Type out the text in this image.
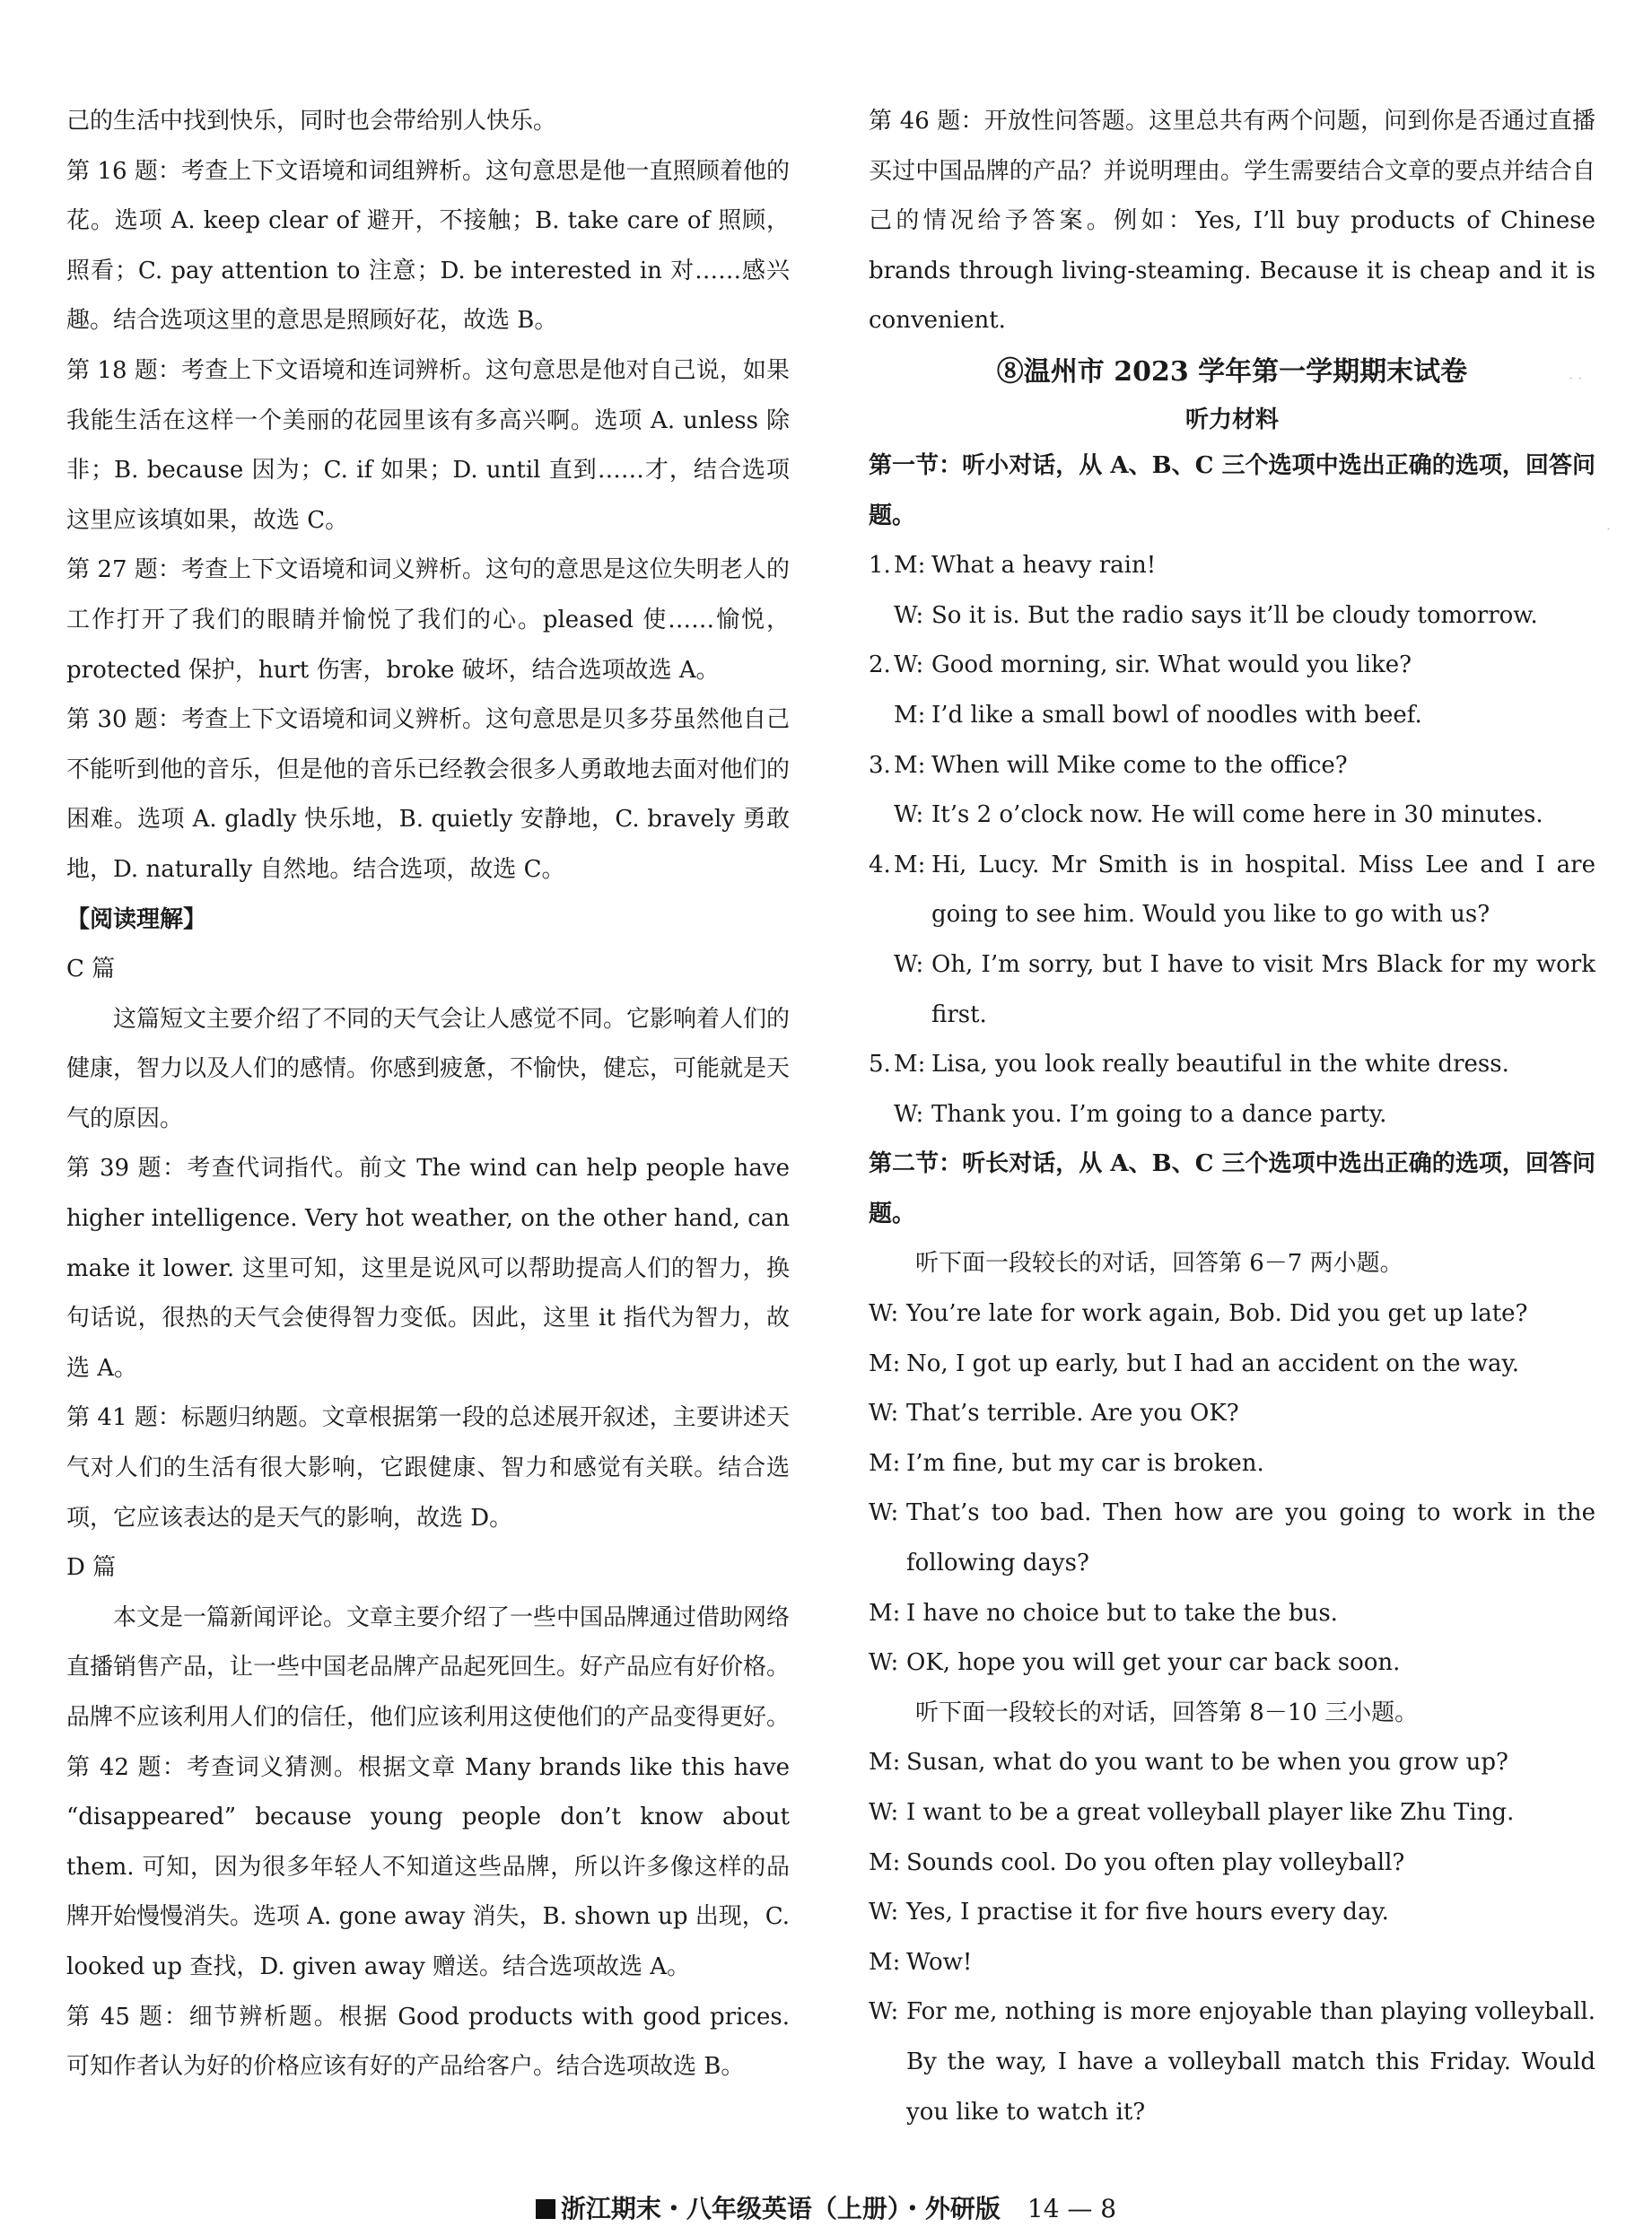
己的生活中找到快乐，同时也会带给别人快乐。

第 16 题：考查上下文语境和词组辨析。这句意思是他一直照顾着他的花。选项 A. keep clear of 避开，不接触；B. take care of 照顾，照看；C. pay attention to 注意；D. be interested in 对……感兴趣。结合选项这里的意思是照顾好花，故选 B。

第 18 题：考查上下文语境和连词辨析。这句意思是他对自己说，如果我能生活在这样一个美丽的花园里该有多高兴啊。选项 A. unless 除非；B. because 因为；C. if 如果；D. until 直到……才，结合选项这里应该填如果，故选 C。

第 27 题：考查上下文语境和词义辨析。这句的意思是这位失明老人的工作打开了我们的眼睛并愉悦了我们的心。pleased 使……愉悦，protected 保护，hurt 伤害，broke 破坏，结合选项故选 A。

第 30 题：考查上下文语境和词义辨析。这句意思是贝多芬虽然他自己不能听到他的音乐，但是他的音乐已经教会很多人勇敢地去面对他们的困难。选项 A. gladly 快乐地，B. quietly 安静地，C. bravely 勇敢地，D. naturally 自然地。结合选项，故选 C。

【阅读理解】

C 篇

这篇短文主要介绍了不同的天气会让人感觉不同。它影响着人们的健康，智力以及人们的感情。你感到疲惫，不愉快，健忘，可能就是天气的原因。

第 39 题：考查代词指代。前文 The wind can help people have higher intelligence. Very hot weather, on the other hand, can make it lower. 这里可知，这里是说风可以帮助提高人们的智力，换句话说，很热的天气会使得智力变低。因此，这里 it 指代为智力，故选 A。

第 41 题：标题归纳题。文章根据第一段的总述展开叙述，主要讲述天气对人们的生活有很大影响，它跟健康、智力和感觉有关联。结合选项，它应该表达的是天气的影响，故选 D。

D 篇

本文是一篇新闻评论。文章主要介绍了一些中国品牌通过借助网络直播销售产品，让一些中国老品牌产品起死回生。好产品应有好价格。品牌不应该利用人们的信任，他们应该利用这使他们的产品变得更好。

第 42 题：考查词义猜测。根据文章 Many brands like this have “disappeared” because young people don’t know about them. 可知，因为很多年轻人不知道这些品牌，所以许多像这样的品牌开始慢慢消失。选项 A. gone away 消失，B. shown up 出现，C. looked up 查找，D. given away 赠送。结合选项故选 A。

第 45 题：细节辨析题。根据 Good products with good prices. 可知作者认为好的价格应该有好的产品给客户。结合选项故选 B。

第 46 题：开放性问答题。这里总共有两个问题，问到你是否通过直播买过中国品牌的产品？并说明理由。学生需要结合文章的要点并结合自己的情况给予答案。例如：Yes, I’ll buy products of Chinese brands through living-steaming. Because it is cheap and it is convenient.

⑧温州市 2023 学年第一学期期末试卷

听力材料

第一节：听小对话，从 A、B、C 三个选项中选出正确的选项，回答问题。

1. M: What a heavy rain!
W: So it is. But the radio says it’ll be cloudy tomorrow.
2. W: Good morning, sir. What would you like?
M: I’d like a small bowl of noodles with beef.
3. M: When will Mike come to the office?
W: It’s 2 o’clock now. He will come here in 30 minutes.
4. M: Hi, Lucy. Mr Smith is in hospital. Miss Lee and I are going to see him. Would you like to go with us?
W: Oh, I’m sorry, but I have to visit Mrs Black for my work first.
5. M: Lisa, you look really beautiful in the white dress.
W: Thank you. I’m going to a dance party.

第二节：听长对话，从 A、B、C 三个选项中选出正确的选项，回答问题。

听下面一段较长的对话，回答第 6－7 两小题。

W: You’re late for work again, Bob. Did you get up late?
M: No, I got up early, but I had an accident on the way.
W: That’s terrible. Are you OK?
M: I’m fine, but my car is broken.
W: That’s too bad. Then how are you going to work in the following days?
M: I have no choice but to take the bus.
W: OK, hope you will get your car back soon.

听下面一段较长的对话，回答第 8－10 三小题。

M: Susan, what do you want to be when you grow up?
W: I want to be a great volleyball player like Zhu Ting.
M: Sounds cool. Do you often play volleyball?
W: Yes, I practise it for five hours every day.
M: Wow!
W: For me, nothing is more enjoyable than playing volleyball. By the way, I have a volleyball match this Friday. Would you like to watch it?
· ·
·
浙江期末・八年级英语（上册）・外研版 14 — 8
